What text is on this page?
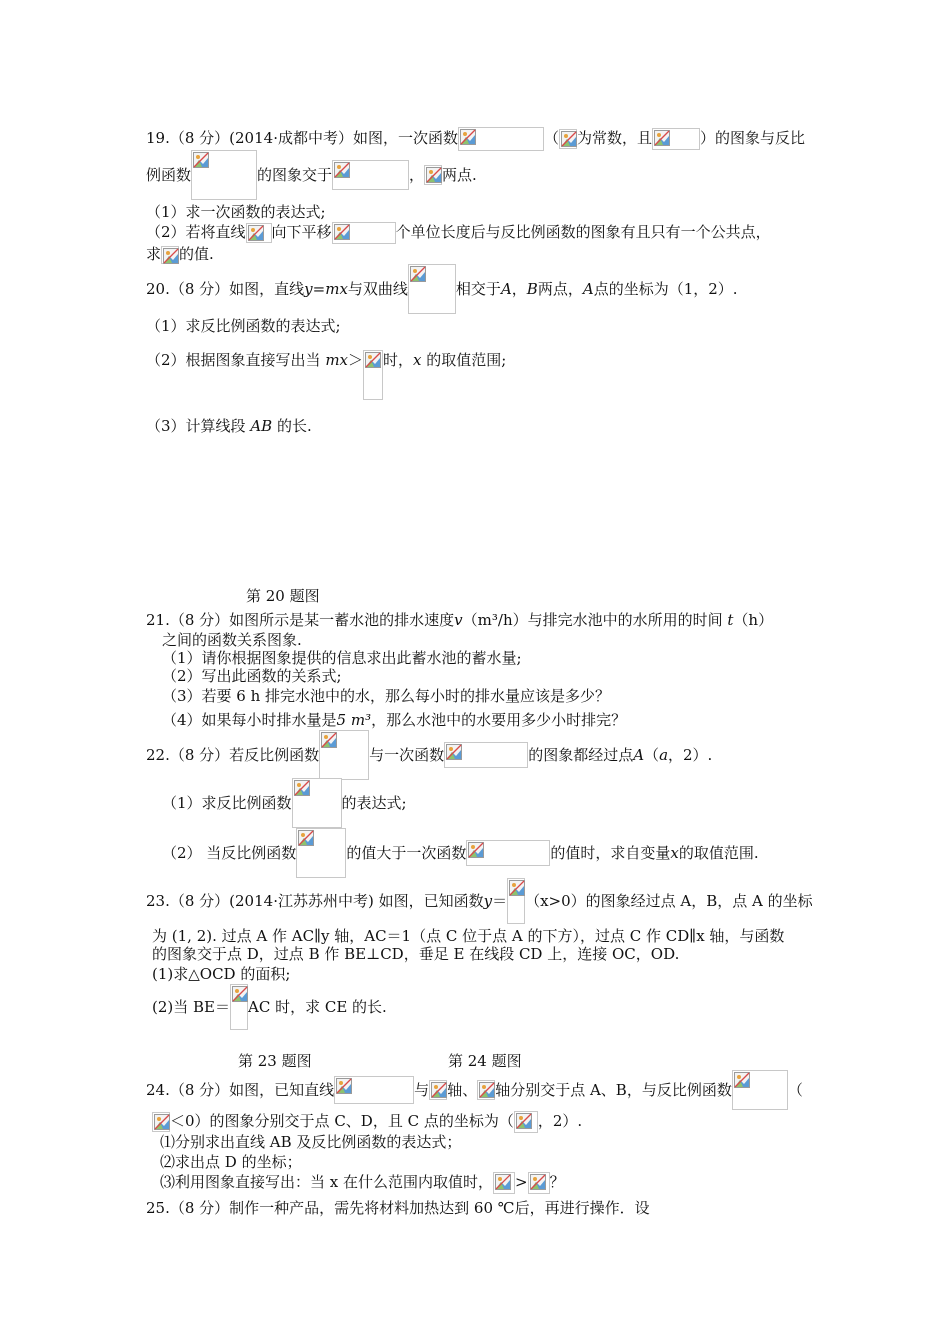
19.（8 分）(2014·成都中考）如图，一次函数	（ 为常数，且	）的图象与反比
例函数	的图象交于	， 两点.
（1）求一次函数的表达式;
（2）若将直线 向下平移	个单位长度后与反比例函数的图象有且只有一个公共点，
求 的值.
20.（8 分）如图，直线 y=mx 与双曲线	相交于 A ， B 两点， A 点的坐标为（1，2）.
（1）求反比例函数的表达式;
（2）根据图象直接写出当 mx＞ 时，x 的取值范围;
（3）计算线段 AB 的长.
第 20 题图
21.（8 分）如图所示是某一蓄水池的排水速度v（m³/h）与排完水池中的水所用的时间 t（h）
之间的函数关系图象.
（1）请你根据图象提供的信息求出此蓄水池的蓄水量;
（2）写出此函数的关系式;
（3）若要 6 h 排完水池中的水，那么每小时的排水量应该是多少？
（4）如果每小时排水量是5 m³，那么水池中的水要用多少小时排完？
22.（8 分）若反比例函数	与一次函数	的图象都经过点 A （ a ，2）.
（1）求反比例函数	的表达式;
（2） 当反比例函数	的值大于一次函数	的值时，求自变量 x 的取值范围.
23.（8 分）(2014·江苏苏州中考) 如图，已知函数 y ＝ （x>0）的图象经过点 A，B，点 A 的坐标
为 (1, 2). 过点 A 作 AC∥y 轴，AC＝1（点 C 位于点 A 的下方），过点 C 作 CD∥x 轴，与函数
的图象交于点 D，过点 B 作 BE⊥CD，垂足 E 在线段 CD 上，连接 OC，OD.
(1)求△OCD 的面积;
(2)当 BE＝ AC 时，求 CE 的长.
第 23 题图	第 24 题图
24.（8 分）如图，已知直线	与 轴、 轴分别交于点 A、B，与反比例函数	（
＜0）的图象分别交于点 C、D，且 C 点的坐标为（ ，2）.
⑴分别求出直线 AB 及反比例函数的表达式；
⑵求出点 D 的坐标；
⑶利用图象直接写出：当 x 在什么范围内取值时， > ？
25.（8 分）制作一种产品，需先将材料加热达到 60 ℃后，再进行操作．设
